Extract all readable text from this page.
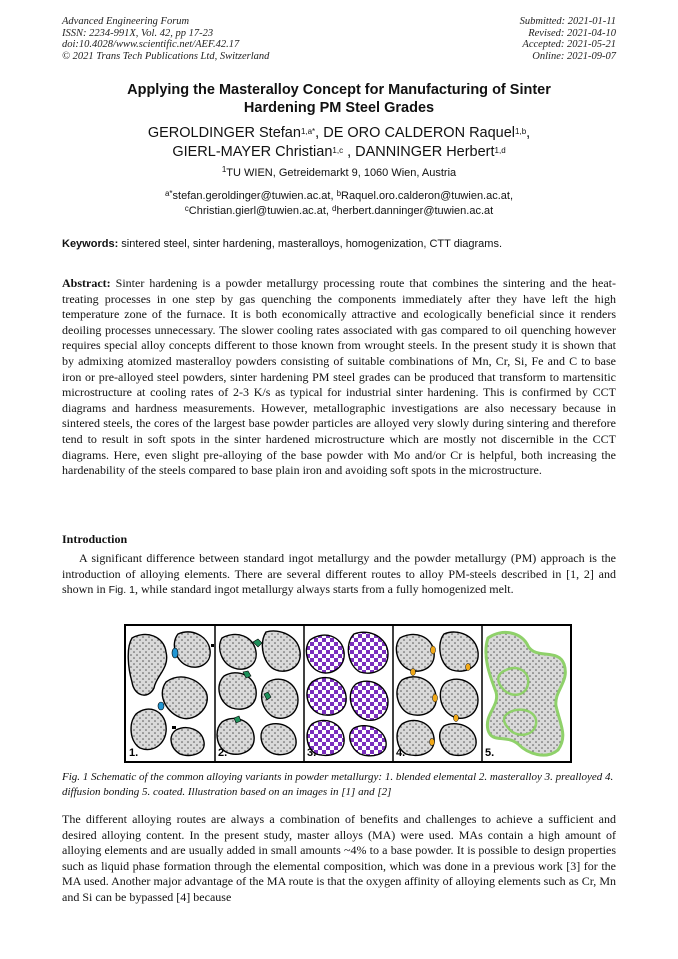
Advanced Engineering Forum
ISSN: 2234-991X, Vol. 42, pp 17-23
doi:10.4028/www.scientific.net/AEF.42.17
© 2021 Trans Tech Publications Ltd, Switzerland
Submitted: 2021-01-11
Revised: 2021-04-10
Accepted: 2021-05-21
Online: 2021-09-07
Applying the Masteralloy Concept for Manufacturing of Sinter
Hardening PM Steel Grades
GEROLDINGER Stefan$^{1,a*}$, DE ORO CALDERON Raquel$^{1,b}$,
GIERL-MAYER Christian$^{1,c}$ , DANNINGER Herbert$^{1,d}$
$^1$TU WIEN, Getreidemarkt 9, 1060 Wien, Austria
$^{a*}$stefan.geroldinger@tuwien.ac.at, $^b$Raquel.oro.calderon@tuwien.ac.at,
$^c$Christian.gierl@tuwien.ac.at, $^d$herbert.danninger@tuwien.ac.at
Keywords: sintered steel, sinter hardening, masteralloys, homogenization, CTT diagrams.
Abstract: Sinter hardening is a powder metallurgy processing route that combines the sintering and the heat-treating processes in one step by gas quenching the components immediately after they have left the high temperature zone of the furnace. It is both economically attractive and ecologically beneficial since it renders deoiling processes unnecessary. The slower cooling rates associated with gas compared to oil quenching however requires special alloy concepts different to those known from wrought steels. In the present study it is shown that by admixing atomized masteralloy powders consisting of suitable combinations of Mn, Cr, Si, Fe and C to base iron or pre-alloyed steel powders, sinter hardening PM steel grades can be produced that transform to martensitic microstructure at cooling rates of 2-3 K/s as typical for industrial sinter hardening. This is confirmed by CCT diagrams and hardness measurements. However, metallographic investigations are also necessary because in sintered steels, the cores of the largest base powder particles are alloyed very slowly during sintering and therefore tend to result in soft spots in the sinter hardened microstructure which are mostly not discernible in the CCT diagrams. Here, even slight pre-alloying of the base powder with Mo and/or Cr is helpful, both increasing the hardenability of the steels compared to base plain iron and avoiding soft spots in the microstructure.
Introduction
A significant difference between standard ingot metallurgy and the powder metallurgy (PM) approach is the introduction of alloying elements. There are several different routes to alloy PM-steels described in [1, 2] and shown in Fig. 1, while standard ingot metallurgy always starts from a fully homogenized melt.
1.	2.	3.	4.	5.
Fig. 1 Schematic of the common alloying variants in powder metallurgy: 1. blended elemental 2. masteralloy 3. prealloyed 4. diffusion bonding 5. coated. Illustration based on an images in [1] and [2]
The different alloying routes are always a combination of benefits and challenges to achieve a sufficient and desired alloying content. In the present study, master alloys (MA) were used. MAs contain a high amount of alloying elements and are usually added in small amounts ~4% to a base powder. It is possible to design properties such as liquid phase formation through the elemental composition, which was done in a previous work [3] for the MA used. Another major advantage of the MA route is that the oxygen affinity of alloying elements such as Cr, Mn and Si can be bypassed [4] because
